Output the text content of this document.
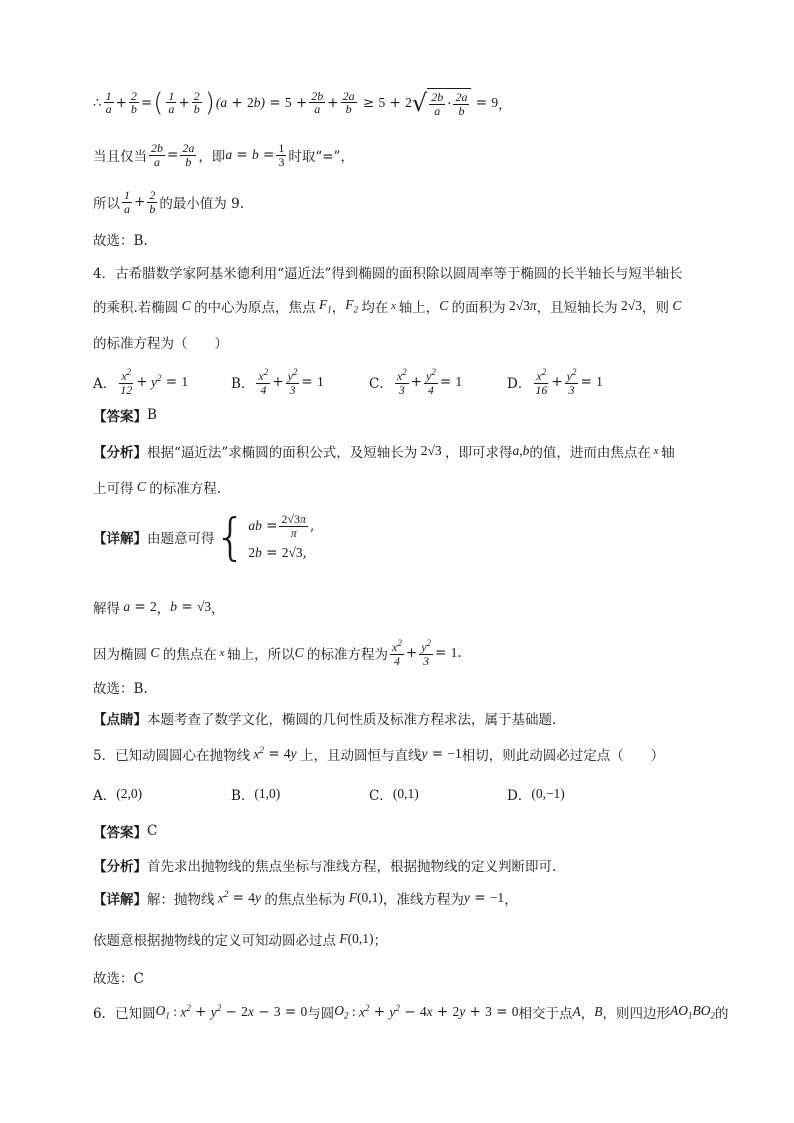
∴ $\frac{1}{a} + \frac{2}{b}$ = ( $\frac{1}{a} + \frac{2}{b}$ ) (a + 2 $b) = 5 + \frac{2b}{a} + \frac{2a}{b} \ge 5 + 2$ √ $\frac{2b}{a} \cdot \frac{2a}{b} = 9$ ，
当且仅当 $\frac{2b}{a} = \frac{2a}{b}$ ，即 $a = b = \frac{1}{3}$ 时取“=”，
所以 $\frac{1}{a} + \frac{2}{b}$ 的最小值为 9.
故选：B.
4．古希腊数学家阿基米德利用“逼近法”得到椭圆的面积除以圆周率等于椭圆的长半轴长与短半轴长
的乘积.若椭圆 C 的中心为原点，焦点 $F_1$ ， $F_2$ 均在 x 轴上， C 的面积为 2√3 π ，且短轴长为 2√3 ，则 C
的标准方程为（　　）
A． $\frac{x^2}{12} + y^2 = 1$	B． $\frac{x^2}{4} + \frac{y^2}{3} = 1$	C． $\frac{x^2}{3} + \frac{y^2}{4} = 1$	D． $\frac{x^2}{16} + \frac{y^2}{3} = 1$
【答案】 B
【分析】 根据“逼近法”求椭圆的面积公式，及短轴长为 2√3 ，即可求得 a,b 的值，进而由焦点在 x 轴
上可得 C 的标准方程.
【详解】 由题意可得 { ab = $\frac{2√3\pi}{\pi}$ ,
2b = 2√3,
解得 a = 2 ， b = √3 ，
因为椭圆 C 的焦点在 x 轴上，所以 C 的标准方程为 $\frac{x^2}{4} + \frac{y^2}{3} = 1$ .
故选：B.
【点睛】 本题考查了数学文化，椭圆的几何性质及标准方程求法，属于基础题.
5．已知动圆圆心在抛物线 $x^2 = 4$ y 上，且动圆恒与直线 y = −1 相切，则此动圆必过定点（　　）
A． (2,0)	B． (1,0)	C． (0,1)	D． (0,−1)
【答案】 C
【分析】 首先求出抛物线的焦点坐标与准线方程，根据抛物线的定义判断即可.
【详解】 解：抛物线 $x^2 = 4$ y 的焦点坐标为 F (0,1) ，准线方程为 y = −1 ，
依题意根据抛物线的定义可知动圆必过点 F (0,1) ；
故选：C
6．已知圆 $O_1$ : $x^2 + y^2 - 2$ x − 3 = 0 与圆 $O_2$ : $x^2 + y^2 - 4$ x + 2 y + 3 = 0 相交于点 A ， B ，则四边形 $AO_1BO_2$ 的
